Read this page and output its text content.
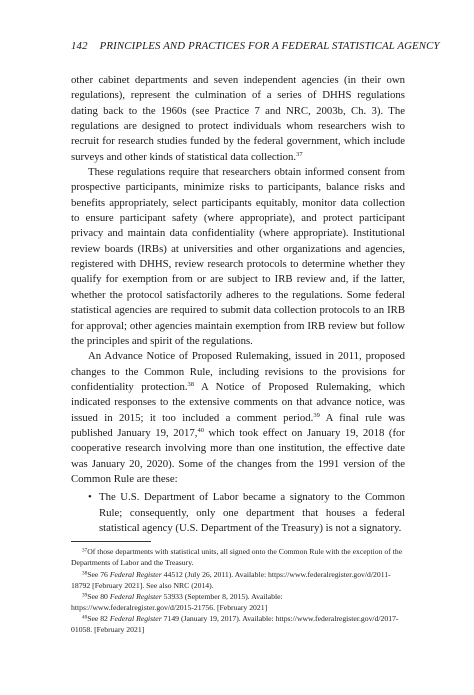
142 PRINCIPLES AND PRACTICES FOR A FEDERAL STATISTICAL AGENCY

other cabinet departments and seven independent agencies (in their own regulations), represent the culmination of a series of DHHS regulations dating back to the 1960s (see Practice 7 and NRC, 2003b, Ch. 3). The regulations are designed to protect individuals whom researchers wish to recruit for research studies funded by the federal government, which include surveys and other kinds of statistical data collection.$^{37}$

These regulations require that researchers obtain informed consent from prospective participants, minimize risks to participants, balance risks and benefits appropriately, select participants equitably, monitor data collection to ensure participant safety (where appropriate), and protect participant privacy and maintain data confidentiality (where appropriate). Institutional review boards (IRBs) at universities and other organizations and agencies, registered with DHHS, review research protocols to determine whether they qualify for exemption from or are subject to IRB review and, if the latter, whether the protocol satisfactorily adheres to the regulations. Some federal statistical agencies are required to submit data collection protocols to an IRB for approval; other agencies maintain exemption from IRB review but follow the principles and spirit of the regulations.

An Advance Notice of Proposed Rulemaking, issued in 2011, proposed changes to the Common Rule, including revisions to the provisions for confidentiality protection.$^{38}$ A Notice of Proposed Rulemaking, which indicated responses to the extensive comments on that advance notice, was issued in 2015; it too included a comment period.$^{39}$ A final rule was published January 19, 2017,40 which took effect on January 19, 2018 (for cooperative research involving more than one institution, the effective date was January 20, 2020). Some of the changes from the 1991 version of the Common Rule are these:

• The U.S. Department of Labor became a signatory to the Common Rule; consequently, only one department that houses a federal statistical agency (U.S. Department of the Treasury) is not a signatory.

$^{37}$Of those departments with statistical units, all signed onto the Common Rule with the exception of the Departments of Labor and the Treasury.

$^{38}$See 76 Federal Register 44512 (July 26, 2011). Available: https://www.federalregister.gov/d/2011-18792 [February 2021]. See also NRC (2014).

$^{39}$See 80 Federal Register 53933 (September 8, 2015). Available: https://www.federalregister.gov/d/2015-21756. [February 2021]

$^{40}$See 82 Federal Register 7149 (January 19, 2017). Available: https://www.federalregister.gov/d/2017-01058. [February 2021]
